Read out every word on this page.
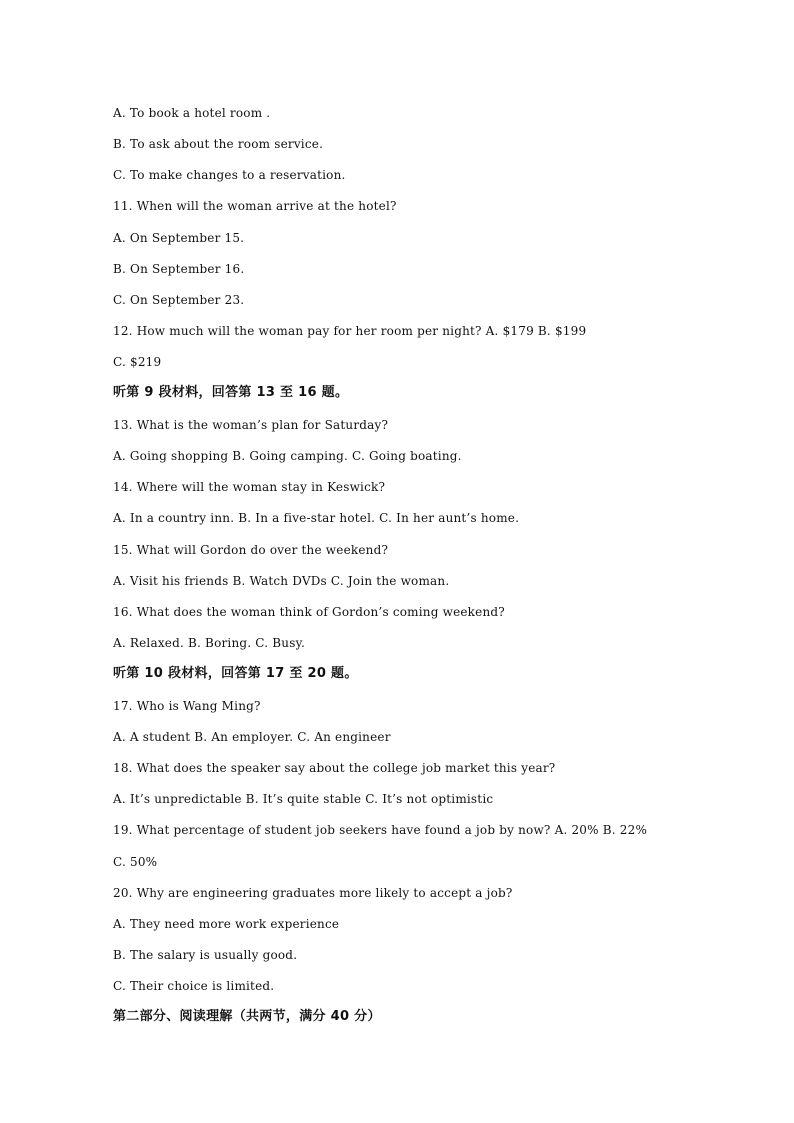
A. To book a hotel room .
B. To ask about the room service.
C. To make changes to a reservation.
11. When will the woman arrive at the hotel?
A. On September 15.
B. On September 16.
C. On September 23.
12. How much will the woman pay for her room per night? A. $179 B. $199
C. $219
听第 9 段材料，回答第 13 至 16 题。
13. What is the woman’s plan for Saturday?
A. Going shopping B. Going camping. C. Going boating.
14. Where will the woman stay in Keswick?
A. In a country inn. B. In a five-star hotel. C. In her aunt’s home.
15. What will Gordon do over the weekend?
A. Visit his friends B. Watch DVDs C. Join the woman.
16. What does the woman think of Gordon’s coming weekend?
A. Relaxed. B. Boring. C. Busy.
听第 10 段材料，回答第 17 至 20 题。
17. Who is Wang Ming?
A. A student B. An employer. C. An engineer
18. What does the speaker say about the college job market this year?
A. It’s unpredictable B. It’s quite stable C. It’s not optimistic
19. What percentage of student job seekers have found a job by now? A. 20% B. 22%
C. 50%
20. Why are engineering graduates more likely to accept a job?
A. They need more work experience
B. The salary is usually good.
C. Their choice is limited.
第二部分、阅读理解（共两节，满分 40 分）
